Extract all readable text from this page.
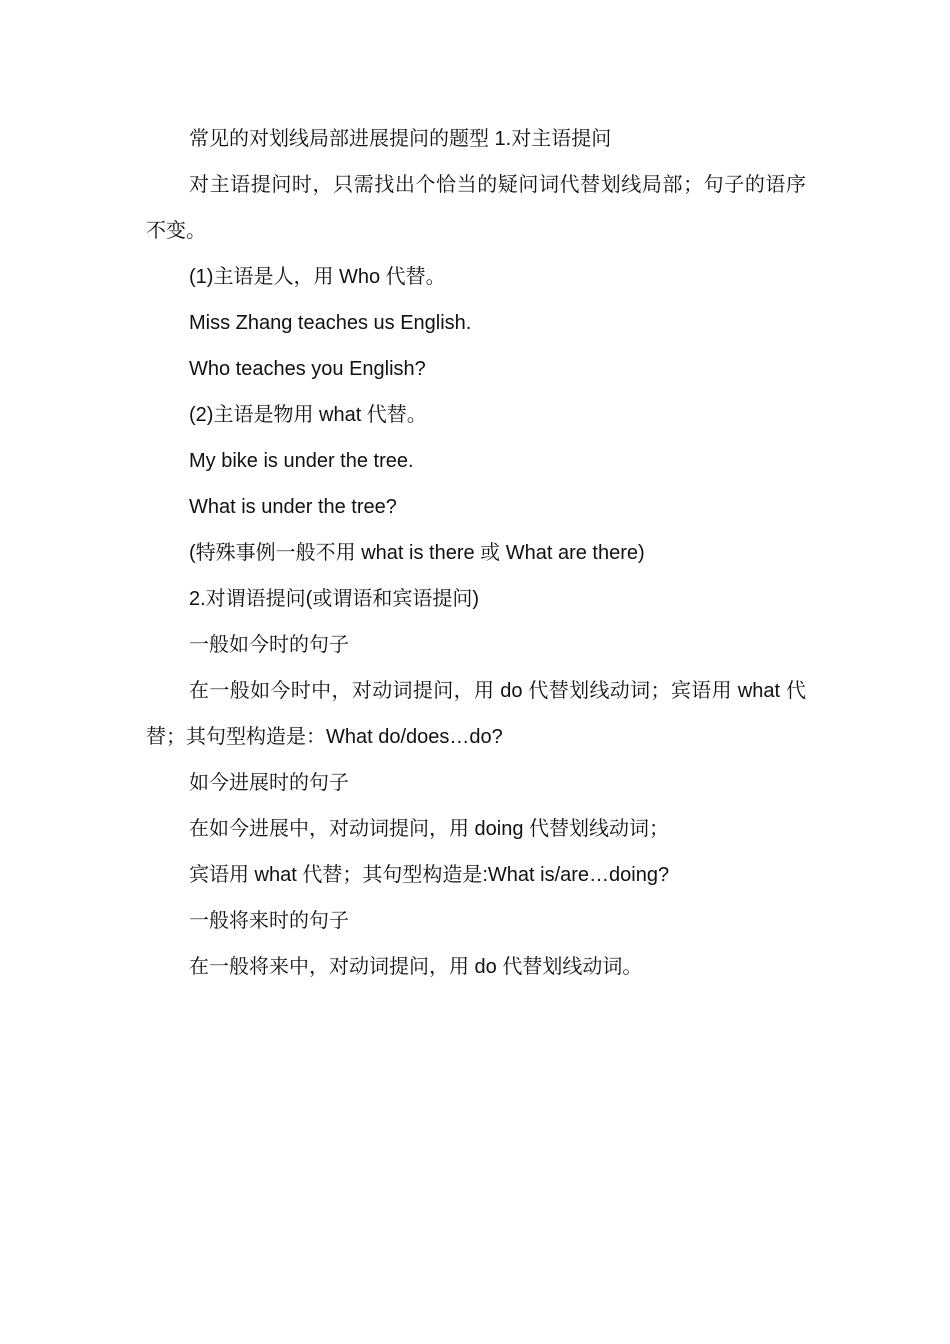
常见的对划线局部进展提问的题型 1.对主语提问

对主语提问时，只需找出个恰当的疑问词代替划线局部；句子的语序不变。

(1)主语是人，用 Who 代替。

Miss Zhang teaches us English.

Who teaches you English?

(2)主语是物用 what 代替。

My bike is under the tree.

What is under the tree?

(特殊事例一般不用 what is there 或 What are there)

2.对谓语提问(或谓语和宾语提问)

一般如今时的句子

在一般如今时中，对动词提问，用 do 代替划线动词；宾语用 what 代替；其句型构造是：What do/does…do?

如今进展时的句子

在如今进展中，对动词提问，用 doing 代替划线动词；

宾语用 what 代替；其句型构造是:What is/are…doing?

一般将来时的句子

在一般将来中，对动词提问，用 do 代替划线动词。
